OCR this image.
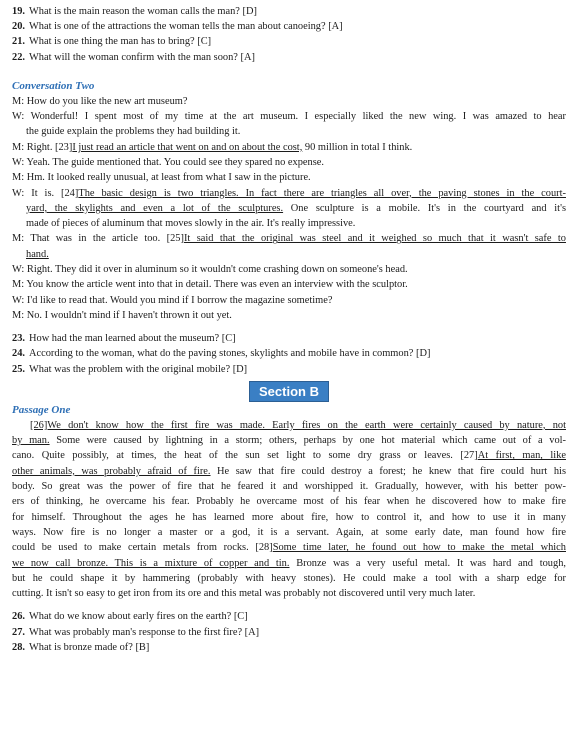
19. What is the main reason the woman calls the man? [D]
20. What is one of the attractions the woman tells the man about canoeing? [A]
21. What is one thing the man has to bring? [C]
22. What will the woman confirm with the man soon? [A]
Conversation Two
M: How do you like the new art museum?
W: Wonderful! I spent most of my time at the art museum. I especially liked the new wing. I was amazed to hear
the guide explain the problems they had building it.
M: Right. [23]I just read an article that went on and on about the cost, 90 million in total I think.
W: Yeah. The guide mentioned that. You could see they spared no expense.
M: Hm. It looked really unusual, at least from what I saw in the picture.
W: It is. [24]The basic design is two triangles. In fact there are triangles all over, the paving stones in the court-
yard, the skylights and even a lot of the sculptures. One sculpture is a mobile. It's in the courtyard and it's
made of pieces of aluminum that moves slowly in the air. It's really impressive.
M: That was in the article too. [25]It said that the original was steel and it weighed so much that it wasn't safe to
hand.
W: Right. They did it over in aluminum so it wouldn't come crashing down on someone's head.
M: You know the article went into that in detail. There was even an interview with the sculptor.
W: I'd like to read that. Would you mind if I borrow the magazine sometime?
M: No. I wouldn't mind if I haven't thrown it out yet.
23. How had the man learned about the museum? [C]
24. According to the woman, what do the paving stones, skylights and mobile have in common? [D]
25. What was the problem with the original mobile? [D]
Section B
Passage One
[26]We don't know how the first fire was made. Early fires on the earth were certainly caused by nature, not
by man. Some were caused by lightning in a storm; others, perhaps by one hot material which came out of a vol-
cano. Quite possibly, at times, the heat of the sun set light to some dry grass or leaves. [27]At first, man, like
other animals, was probably afraid of fire. He saw that fire could destroy a forest; he knew that fire could hurt his
body. So great was the power of fire that he feared it and worshipped it. Gradually, however, with his better pow-
ers of thinking, he overcame his fear. Probably he overcame most of his fear when he discovered how to make fire
for himself. Throughout the ages he has learned more about fire, how to control it, and how to use it in many
ways. Now fire is no longer a master or a god, it is a servant. Again, at some early date, man found how fire
could be used to make certain metals from rocks. [28]Some time later, he found out how to make the metal which
we now call bronze. This is a mixture of copper and tin. Bronze was a very useful metal. It was hard and tough,
but he could shape it by hammering (probably with heavy stones). He could make a tool with a sharp edge for
cutting. It isn't so easy to get iron from its ore and this metal was probably not discovered until very much later.
26. What do we know about early fires on the earth? [C]
27. What was probably man's response to the first fire? [A]
28. What is bronze made of? [B]
